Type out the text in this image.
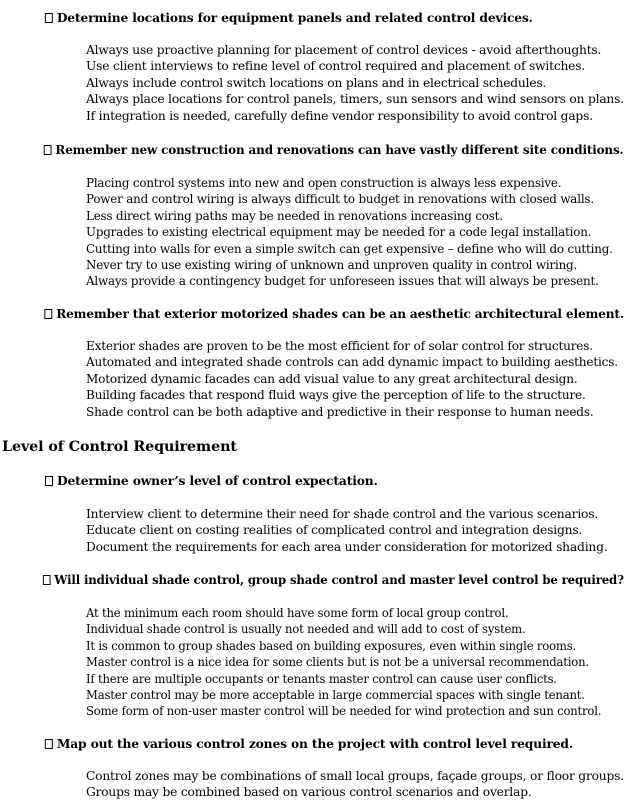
Determine locations for equipment panels and related control devices.
Always use proactive planning for placement of control devices - avoid afterthoughts.
Use client interviews to refine level of control required and placement of switches.
Always include control switch locations on plans and in electrical schedules.
Always place locations for control panels, timers, sun sensors and wind sensors on plans.
If integration is needed, carefully define vendor responsibility to avoid control gaps.
Remember new construction and renovations can have vastly different site conditions.
Placing control systems into new and open construction is always less expensive.
Power and control wiring is always difficult to budget in renovations with closed walls.
Less direct wiring paths may be needed in renovations increasing cost.
Upgrades to existing electrical equipment may be needed for a code legal installation.
Cutting into walls for even a simple switch can get expensive – define who will do cutting.
Never try to use existing wiring of unknown and unproven quality in control wiring.
Always provide a contingency budget for unforeseen issues that will always be present.
Remember that exterior motorized shades can be an aesthetic architectural element.
Exterior shades are proven to be the most efficient for of solar control for structures.
Automated and integrated shade controls can add dynamic impact to building aesthetics.
Motorized dynamic facades can add visual value to any great architectural design.
Building facades that respond fluid ways give the perception of life to the structure.
Shade control can be both adaptive and predictive in their response to human needs.
Level of Control Requirement
Determine owner’s level of control expectation.
Interview client to determine their need for shade control and the various scenarios.
Educate client on costing realities of complicated control and integration designs.
Document the requirements for each area under consideration for motorized shading.
Will individual shade control, group shade control and master level control be required?
At the minimum each room should have some form of local group control.
Individual shade control is usually not needed and will add to cost of system.
It is common to group shades based on building exposures, even within single rooms.
Master control is a nice idea for some clients but is not be a universal recommendation.
If there are multiple occupants or tenants master control can cause user conflicts.
Master control may be more acceptable in large commercial spaces with single tenant.
Some form of non-user master control will be needed for wind protection and sun control.
Map out the various control zones on the project with control level required.
Control zones may be combinations of small local groups, façade groups, or floor groups.
Groups may be combined based on various control scenarios and overlap.
